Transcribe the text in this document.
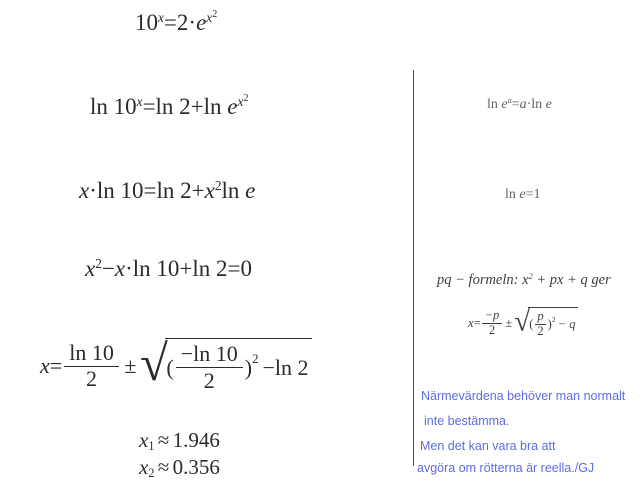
$10^x=2\cdot e^{x^2}$
$\ln 10^x=\ln$ 2+ln $e^{x^2}$
x·ln 10=ln $2+x^2\ln$ e
$x^2-x\cdot\ln$ 10+ln 2=0
$x = \frac{\ln 10}{2}$ ± √
( $\frac{-\ln 10}{2}$ ) 2 −ln 2
x1 ≈ 1.946
x2 ≈ 0.356
$\ln e^a=a\cdot\ln$ e
ln e=1
pq − formeln: $x^2$ + px + q ger
$x = \frac{-p}{2}$ ± √ ( $\frac{p}{2}$ ) 2 − q
Närmevärdena behöver man normalt
inte bestämma.
Men det kan vara bra att
avgöra om rötterna är reella./GJ
